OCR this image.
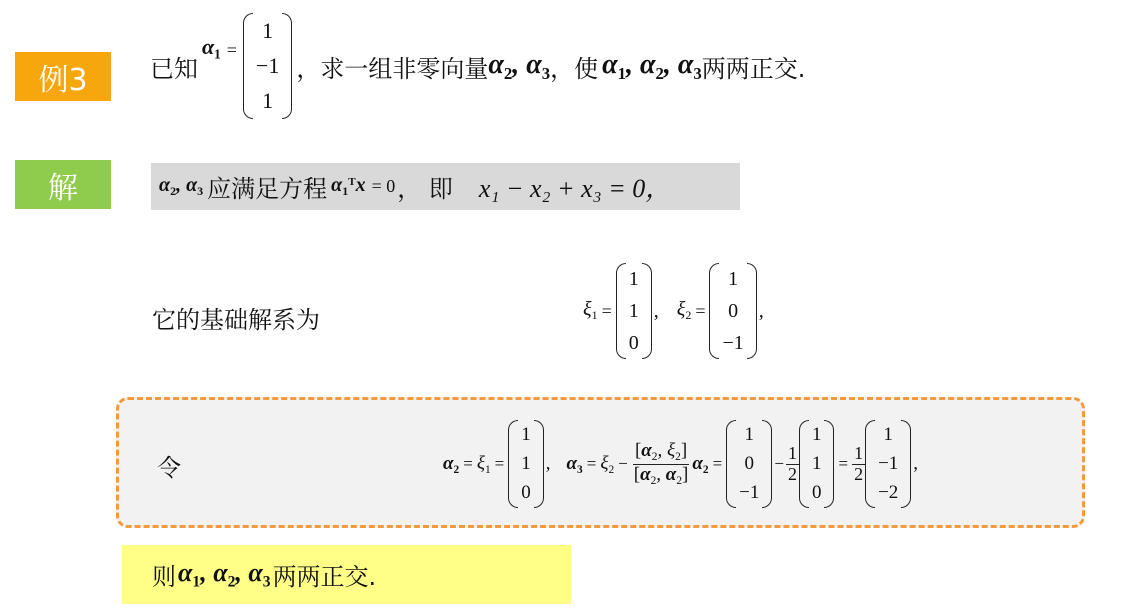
例3	已知
$\alpha_1$ =
1
−1
1
，求一组非零向量 $\alpha_2$, $\alpha_3$ ，使 $\alpha_1$, $\alpha_2$, $\alpha_3$ 两两正交.
解	$\alpha_2$, $\alpha_3$ 应满足方程 $\alpha_1^Tx = 0$ ， 即 x₁ − x₂ + x₃ = 0，
它的基础解系为	$\xi_1$ =
1
1
0
, $\xi_2$ =
1
0
−1
,
令	$\alpha_2 = \xi_1$ =
1
1
0
, $\alpha_3 = \xi_2 - \frac{[\alpha_2, \xi_2]}{[\alpha_2, \alpha_2]} \alpha_2$ =
1
0
−1
− $\frac{1}{2}$
1
1
0
= $\frac{1}{2}$
1
−1
−2
,
则 $\alpha_1$, $\alpha_2$, $\alpha_3$ 两两正交.
